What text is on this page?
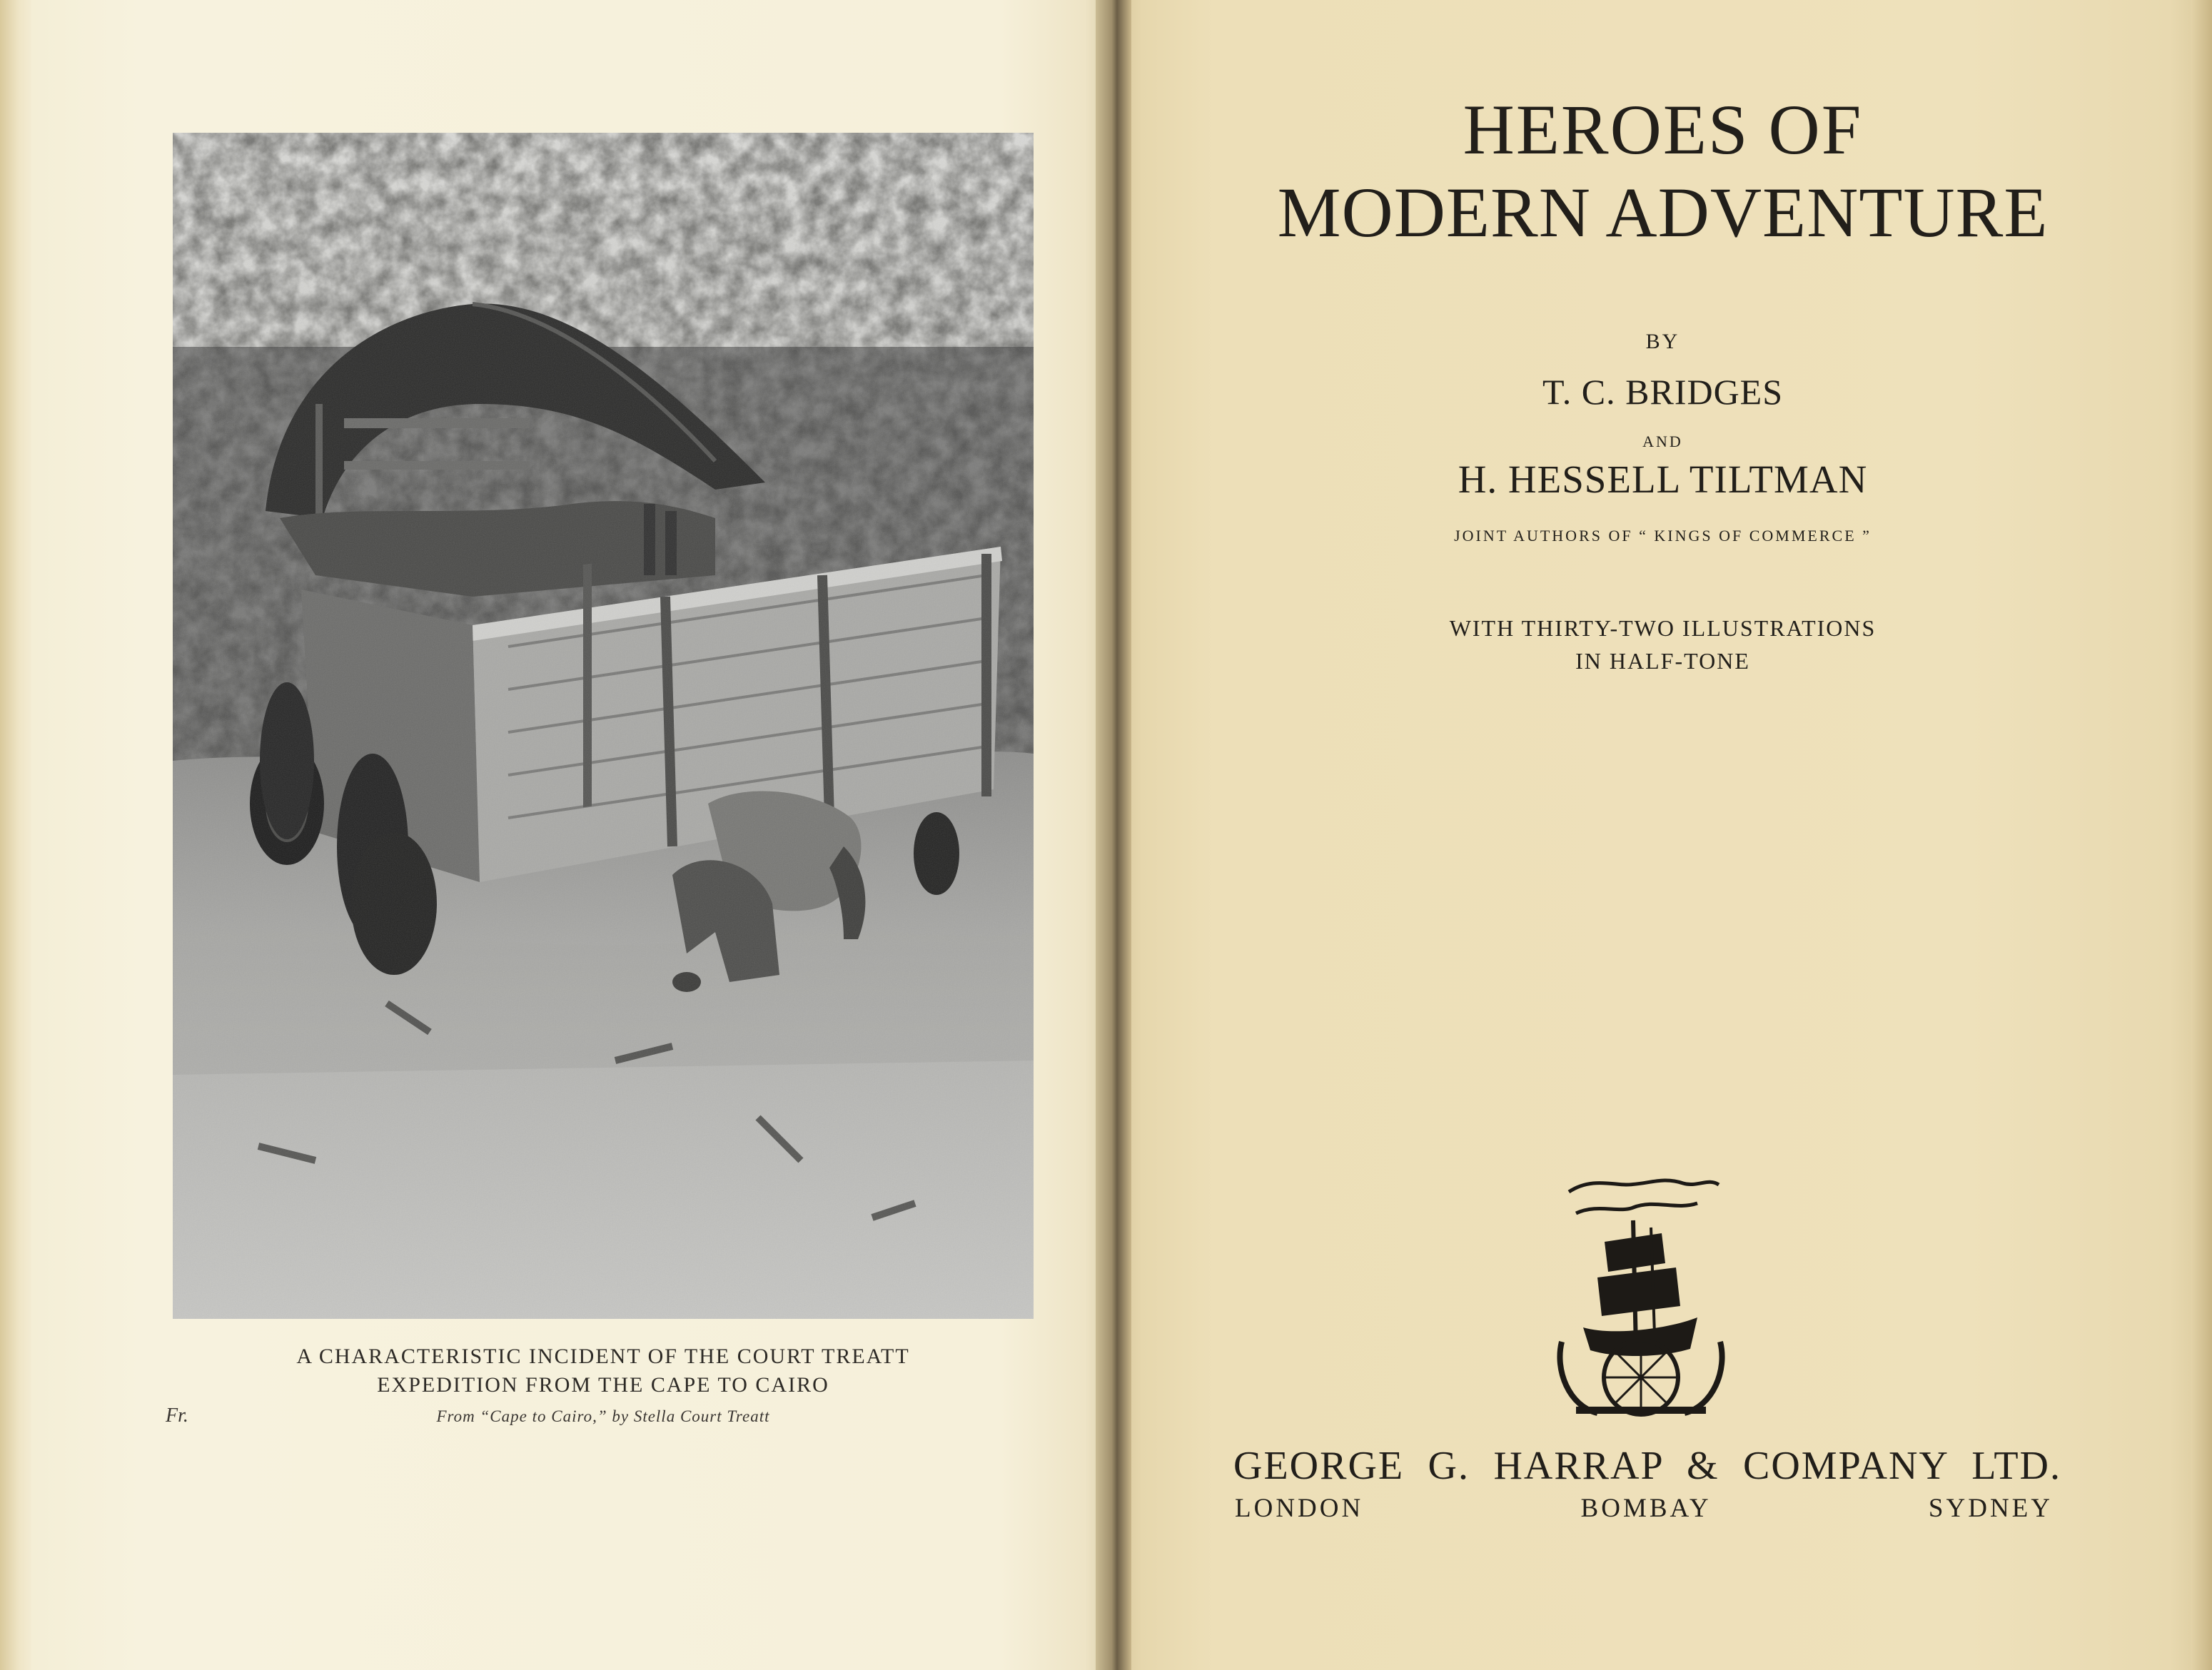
A CHARACTERISTIC INCIDENT OF THE COURT TREATT
EXPEDITION FROM THE CAPE TO CAIRO
Fr.	From “Cape to Cairo,” by Stella Court Treatt
HEROES OF
MODERN ADVENTURE
BY
T. C. BRIDGES
AND
H. HESSELL TILTMAN
JOINT AUTHORS OF “ KINGS OF COMMERCE ”
WITH THIRTY-TWO ILLUSTRATIONS
IN HALF-TONE
GEORGE G. HARRAP & COMPANY LTD.
LONDON	BOMBAY	SYDNEY
